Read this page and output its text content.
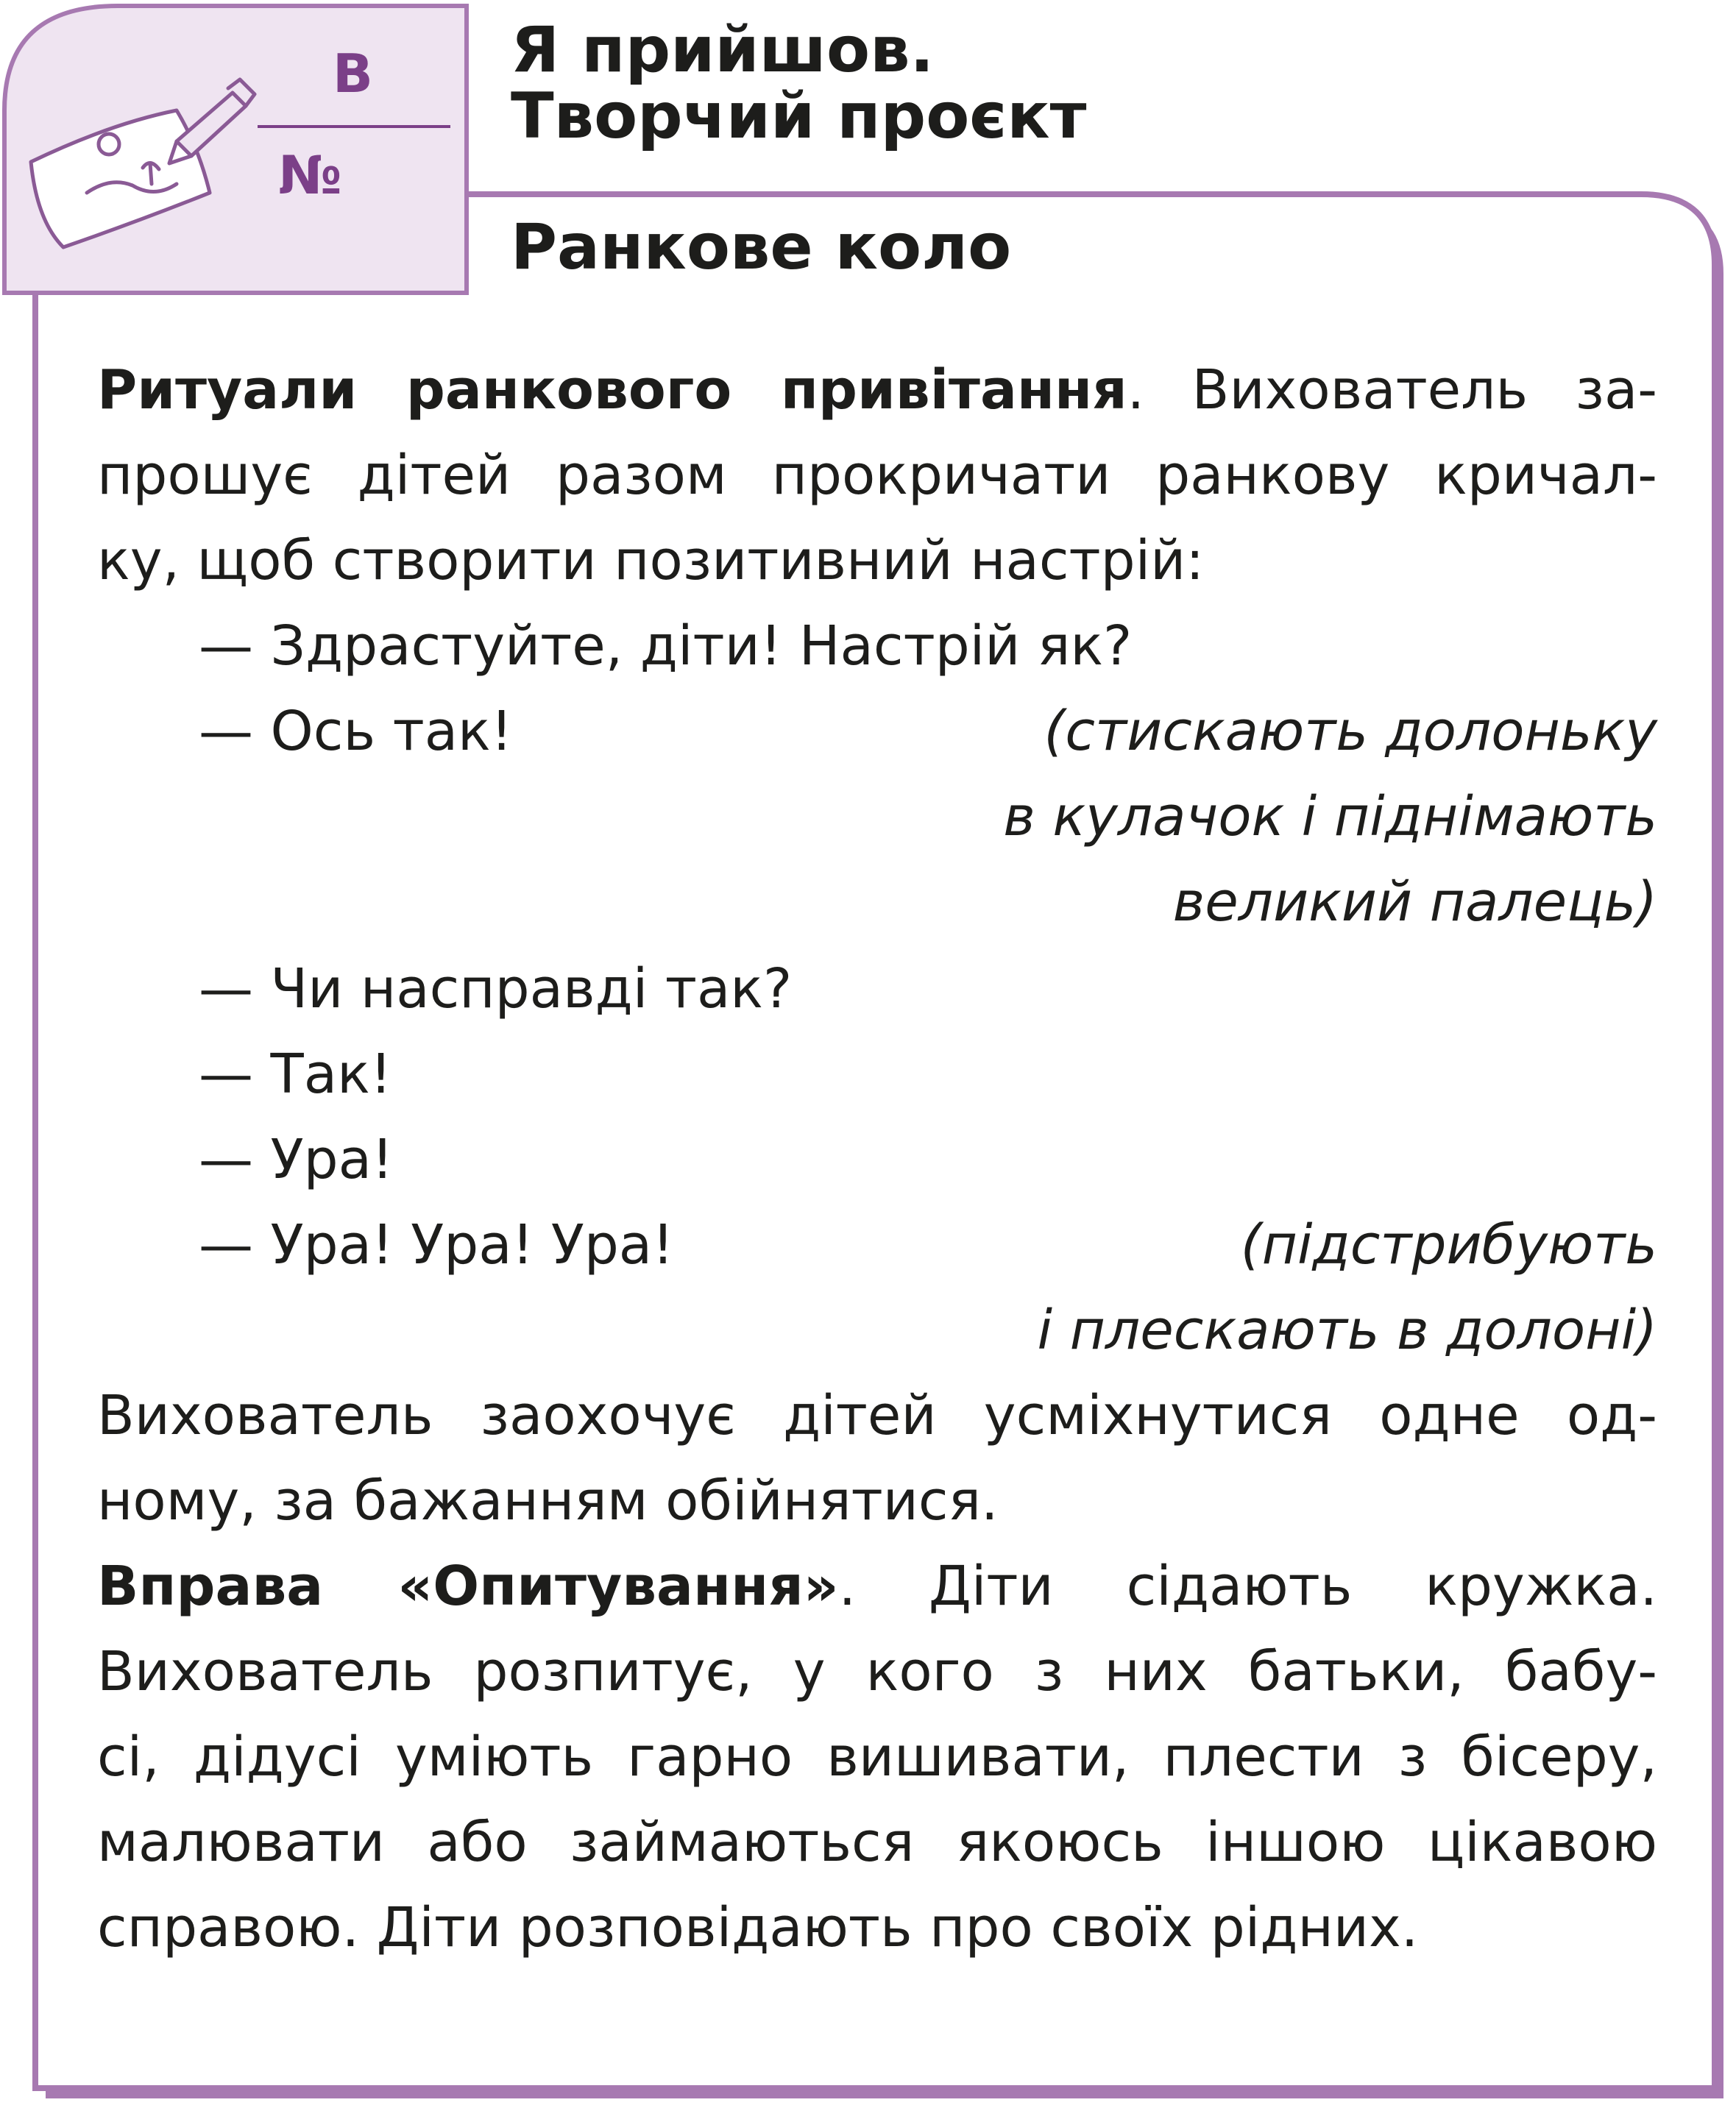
В
№

Я прийшов.

Творчий проєкт

Ранкове коло

Ритуали ранкового привітання. Вихователь за-

прошує дітей разом прокричати ранкову кричал-

ку, щоб створити позитивний настрій:

— Здрастуйте, діти! Настрій як?

— Ось так!	(стискають долоньку

в кулачок і піднімають

великий палець)

— Чи насправді так?

— Так!

— Ура!

— Ура! Ура! Ура!	(підстрибують

і плескають в долоні)

Вихователь заохочує дітей усміхнутися одне од-

ному, за бажанням обійнятися.

Вправа «Опитування». Діти сідають кружка.

Вихователь розпитує, у кого з них батьки, бабу-

сі, дідусі уміють гарно вишивати, плести з бісеру,

малювати або займаються якоюсь іншою цікавою

справою. Діти розповідають про своїх рідних.
